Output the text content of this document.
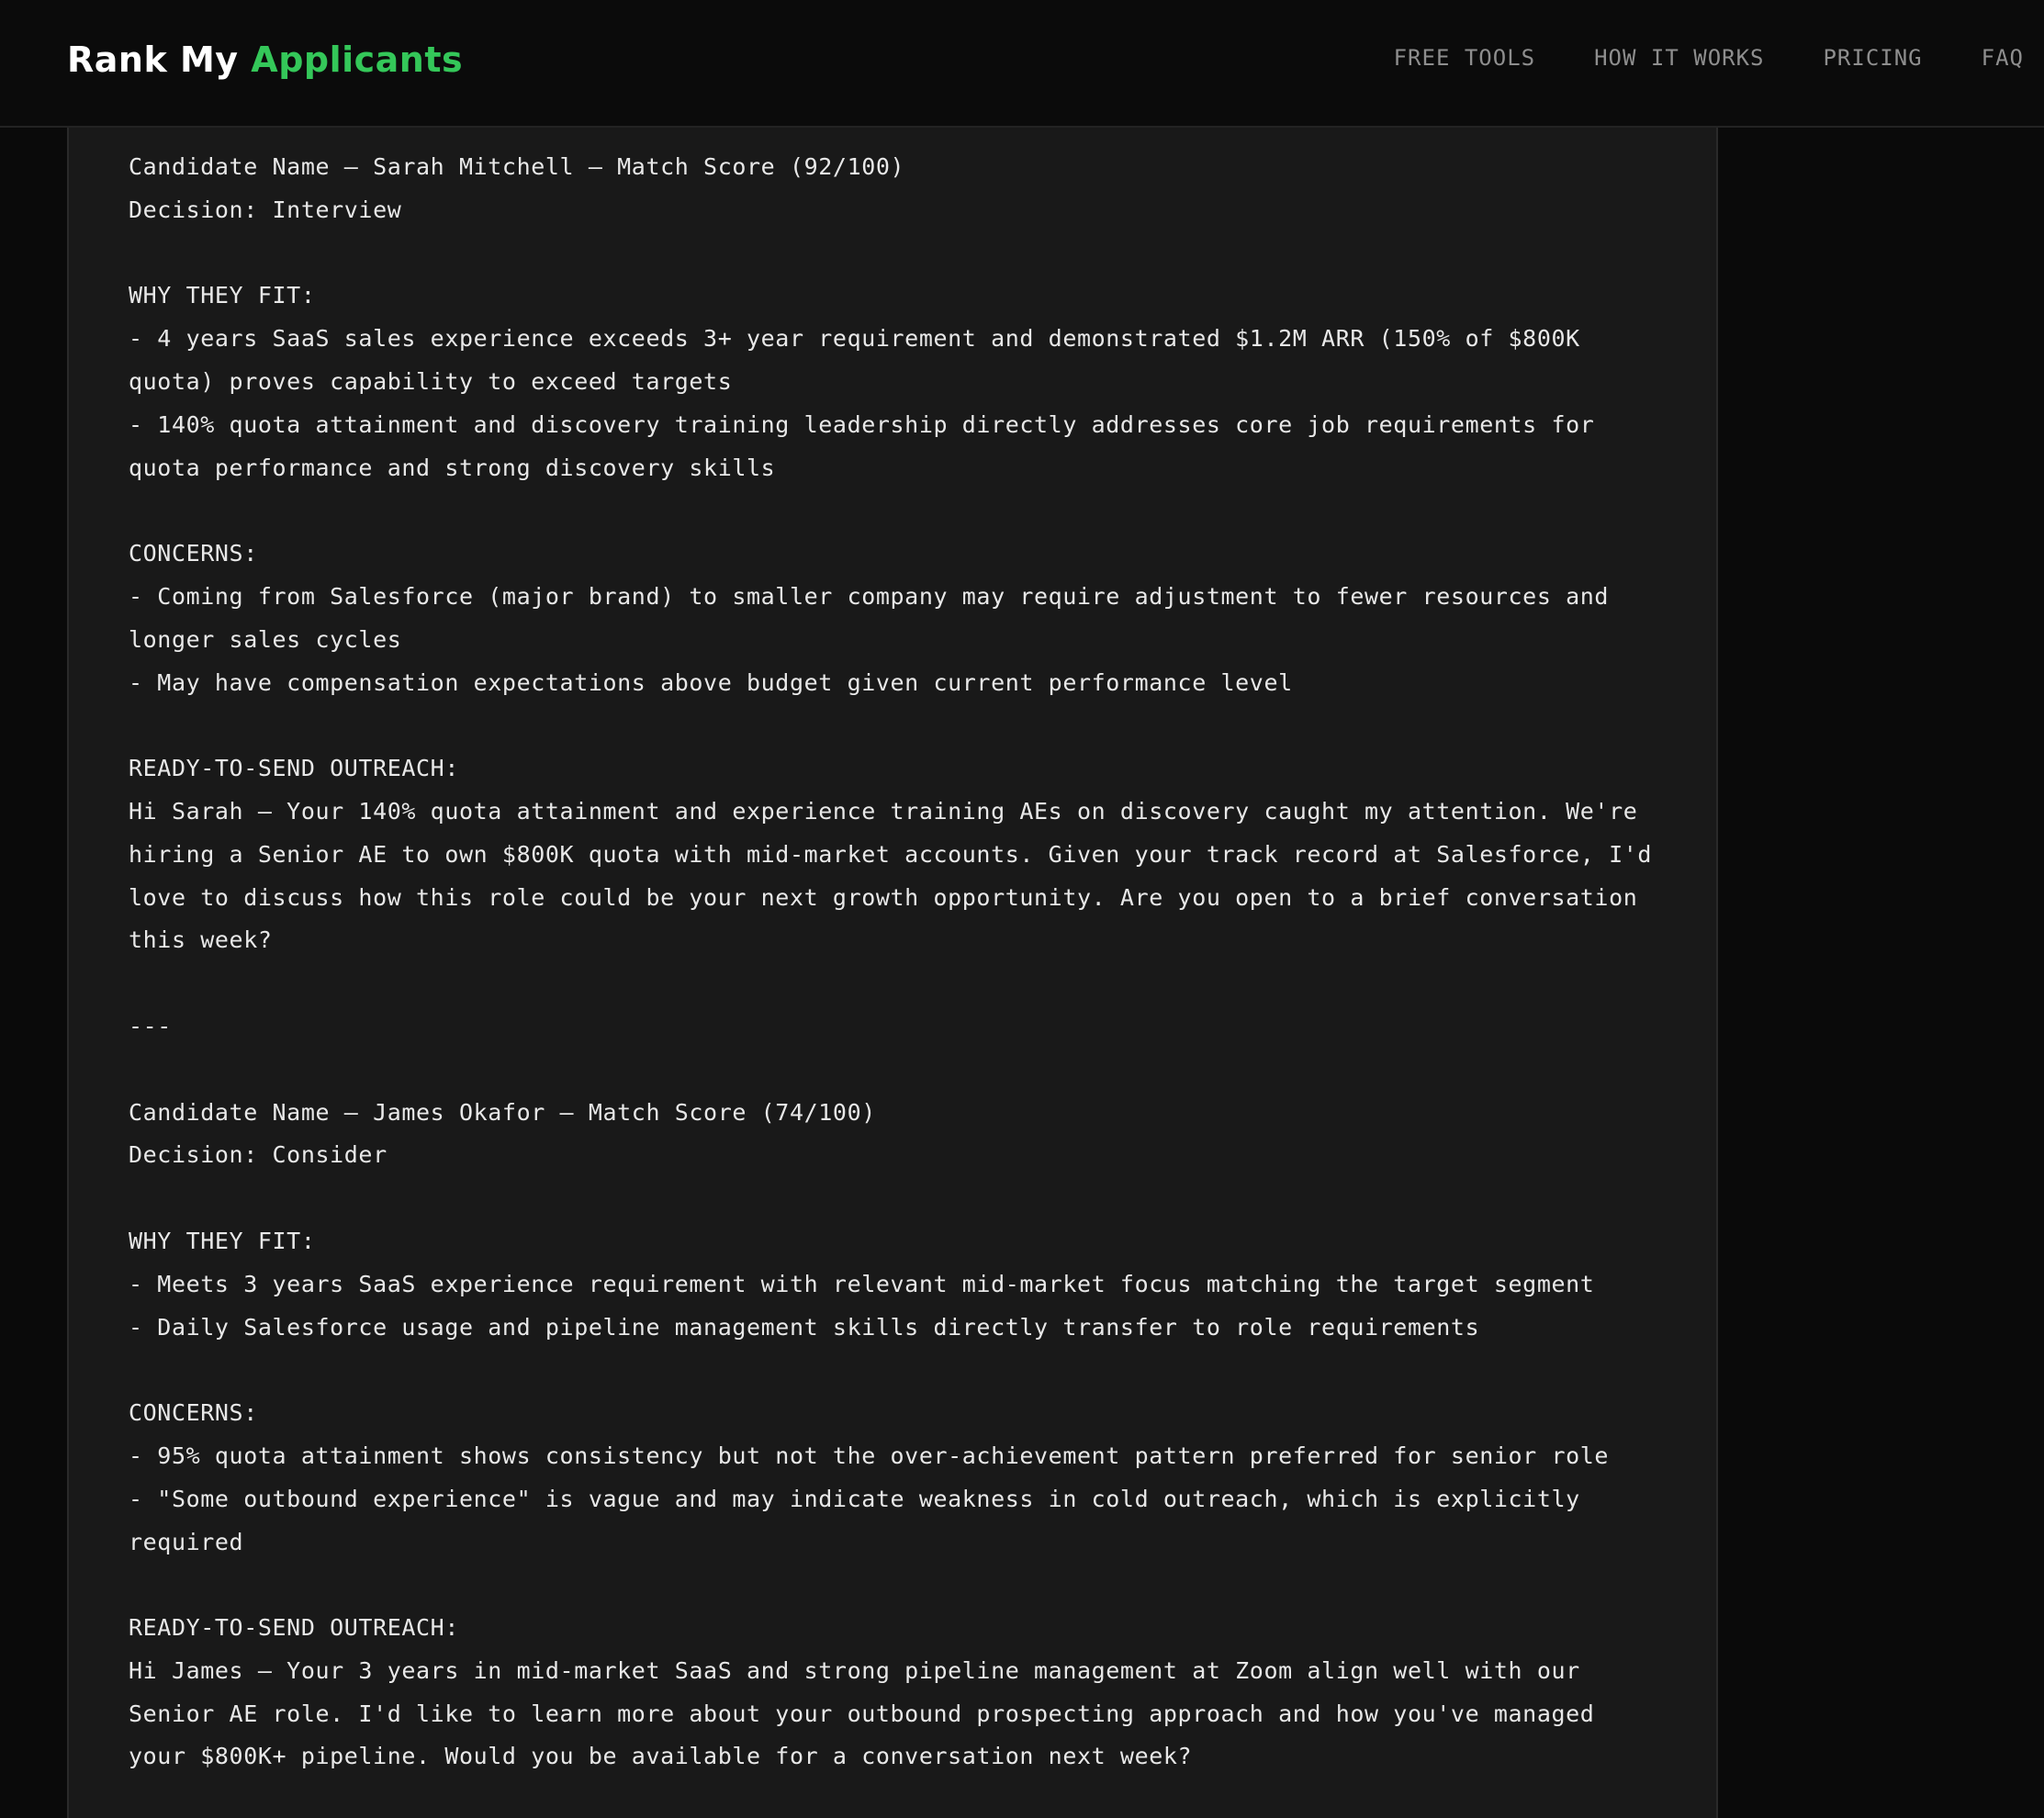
Rank My Applicants	FREE TOOLS	HOW IT WORKS	PRICING	FAQ
Candidate Name — Sarah Mitchell — Match Score (92/100)
Decision: Interview
WHY THEY FIT:
- 4 years SaaS sales experience exceeds 3+ year requirement and demonstrated $1.2M ARR (150% of $800K
quota) proves capability to exceed targets
- 140% quota attainment and discovery training leadership directly addresses core job requirements for
quota performance and strong discovery skills
CONCERNS:
- Coming from Salesforce (major brand) to smaller company may require adjustment to fewer resources and
longer sales cycles
- May have compensation expectations above budget given current performance level
READY-TO-SEND OUTREACH:
Hi Sarah — Your 140% quota attainment and experience training AEs on discovery caught my attention. We're
hiring a Senior AE to own $800K quota with mid-market accounts. Given your track record at Salesforce, I'd
love to discuss how this role could be your next growth opportunity. Are you open to a brief conversation
this week?
---
Candidate Name — James Okafor — Match Score (74/100)
Decision: Consider
WHY THEY FIT:
- Meets 3 years SaaS experience requirement with relevant mid-market focus matching the target segment
- Daily Salesforce usage and pipeline management skills directly transfer to role requirements
CONCERNS:
- 95% quota attainment shows consistency but not the over-achievement pattern preferred for senior role
- "Some outbound experience" is vague and may indicate weakness in cold outreach, which is explicitly
required
READY-TO-SEND OUTREACH:
Hi James — Your 3 years in mid-market SaaS and strong pipeline management at Zoom align well with our
Senior AE role. I'd like to learn more about your outbound prospecting approach and how you've managed
your $800K+ pipeline. Would you be available for a conversation next week?
